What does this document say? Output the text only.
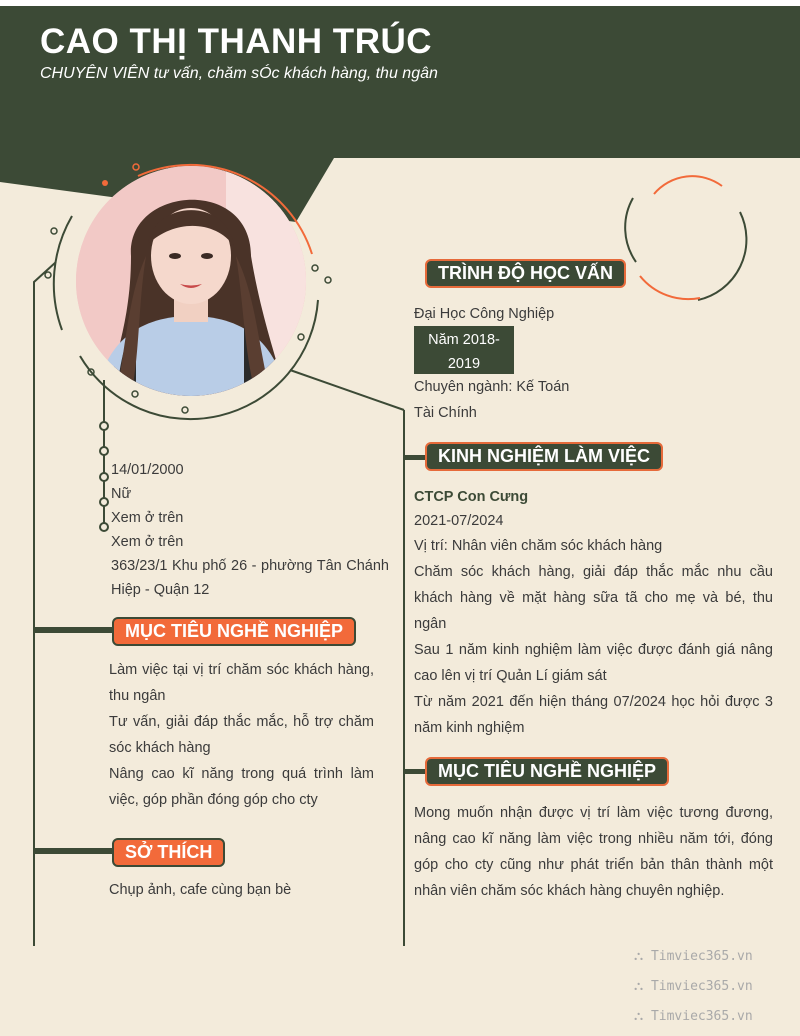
CAO THỊ THANH TRÚC
CHUYÊN VIÊN tư vấn, chăm sÓc khách hàng, thu ngân
14/01/2000
Nữ
Xem ở trên
Xem ở trên
363/23/1 Khu phố 26 - phường Tân Chánh Hiệp - Quận 12
MỤC TIÊU NGHỀ NGHIỆP
Làm việc tại vị trí chăm sóc khách hàng, thu ngân
Tư vấn, giải đáp thắc mắc, hỗ trợ chăm sóc khách hàng
Nâng cao kĩ năng trong quá trình làm việc, góp phần đóng góp cho cty
SỞ THÍCH
Chụp ảnh, cafe cùng bạn bè
TRÌNH ĐỘ HỌC VẤN
Đại Học Công Nghiệp
Năm 2018-2019
Chuyên ngành: Kế Toán
Tài Chính
KINH NGHIỆM LÀM VIỆC
CTCP Con Cưng
2021-07/2024
Vị trí: Nhân viên chăm sóc khách hàng
Chăm sóc khách hàng, giải đáp thắc mắc nhu cầu khách hàng về mặt hàng sữa tã cho mẹ và bé, thu ngân
Sau 1 năm kinh nghiệm làm việc được đánh giá nâng cao lên vị trí Quản Lí giám sát
Từ năm 2021 đến hiện tháng 07/2024 học hỏi được 3 năm kinh nghiệm
MỤC TIÊU NGHỀ NGHIỆP
Mong muốn nhận được vị trí làm việc tương đương, nâng cao kĩ năng làm việc trong nhiều năm tới, đóng góp cho cty cũng như phát triển bản thân thành một nhân viên chăm sóc khách hàng chuyên nghiệp.
⛬ Timviec365.vn
⛬ Timviec365.vn
⛬ Timviec365.vn
